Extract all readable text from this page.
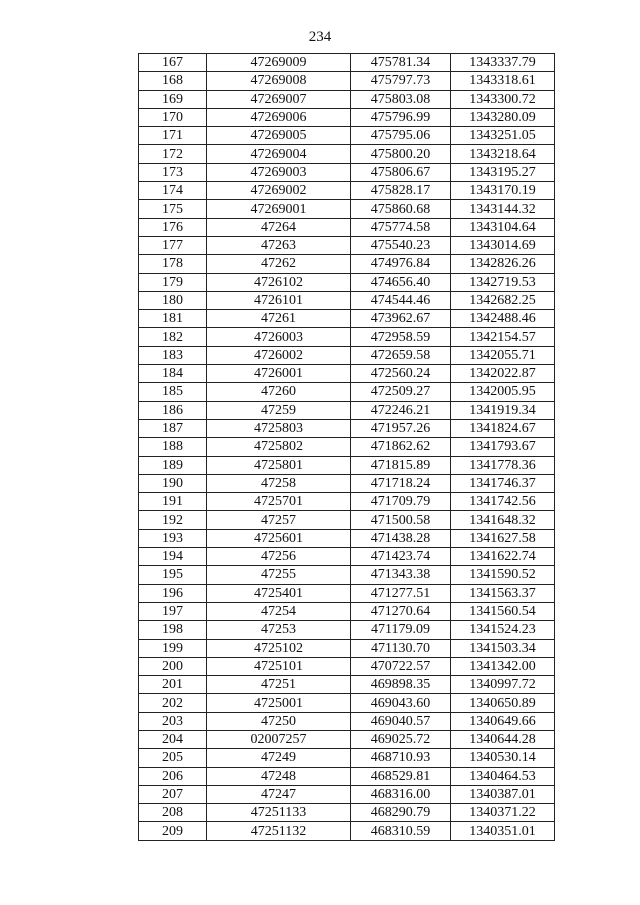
234
167	47269009	475781.34	1343337.79
168	47269008	475797.73	1343318.61
169	47269007	475803.08	1343300.72
170	47269006	475796.99	1343280.09
171	47269005	475795.06	1343251.05
172	47269004	475800.20	1343218.64
173	47269003	475806.67	1343195.27
174	47269002	475828.17	1343170.19
175	47269001	475860.68	1343144.32
176	47264	475774.58	1343104.64
177	47263	475540.23	1343014.69
178	47262	474976.84	1342826.26
179	4726102	474656.40	1342719.53
180	4726101	474544.46	1342682.25
181	47261	473962.67	1342488.46
182	4726003	472958.59	1342154.57
183	4726002	472659.58	1342055.71
184	4726001	472560.24	1342022.87
185	47260	472509.27	1342005.95
186	47259	472246.21	1341919.34
187	4725803	471957.26	1341824.67
188	4725802	471862.62	1341793.67
189	4725801	471815.89	1341778.36
190	47258	471718.24	1341746.37
191	4725701	471709.79	1341742.56
192	47257	471500.58	1341648.32
193	4725601	471438.28	1341627.58
194	47256	471423.74	1341622.74
195	47255	471343.38	1341590.52
196	4725401	471277.51	1341563.37
197	47254	471270.64	1341560.54
198	47253	471179.09	1341524.23
199	4725102	471130.70	1341503.34
200	4725101	470722.57	1341342.00
201	47251	469898.35	1340997.72
202	4725001	469043.60	1340650.89
203	47250	469040.57	1340649.66
204	02007257	469025.72	1340644.28
205	47249	468710.93	1340530.14
206	47248	468529.81	1340464.53
207	47247	468316.00	1340387.01
208	47251133	468290.79	1340371.22
209	47251132	468310.59	1340351.01
